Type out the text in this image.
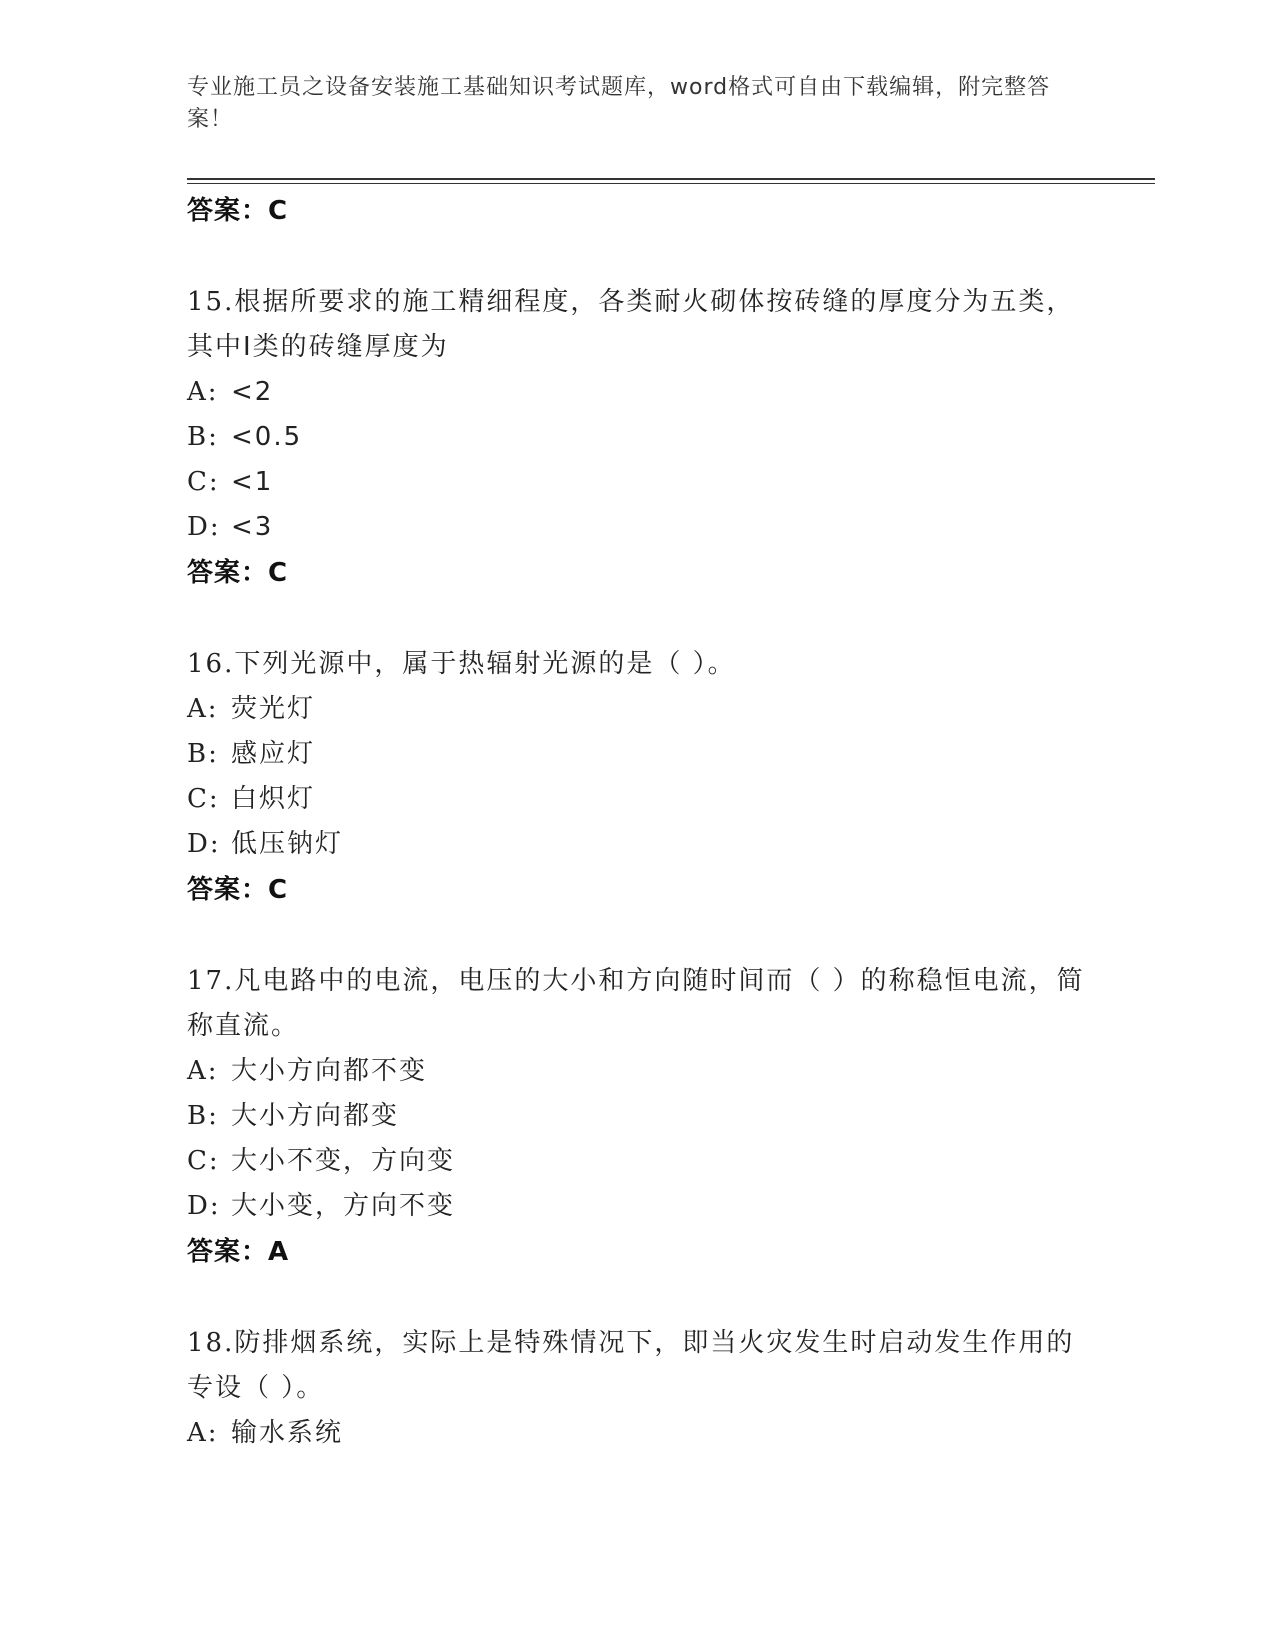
专业施工员之设备安装施工基础知识考试题库，word格式可自由下载编辑，附完整答案！
答案：C
15.根据所要求的施工精细程度，各类耐火砌体按砖缝的厚度分为五类，其中Ⅰ类的砖缝厚度为
A: <2
B: <0.5
C: <1
D: <3
答案：C
16.下列光源中，属于热辐射光源的是（ ）。
A: 荧光灯
B: 感应灯
C: 白炽灯
D: 低压钠灯
答案：C
17.凡电路中的电流，电压的大小和方向随时间而（ ）的称稳恒电流，简称直流。
A: 大小方向都不变
B: 大小方向都变
C: 大小不变，方向变
D: 大小变，方向不变
答案：A
18.防排烟系统，实际上是特殊情况下，即当火灾发生时启动发生作用的专设（ ）。
A: 输水系统
